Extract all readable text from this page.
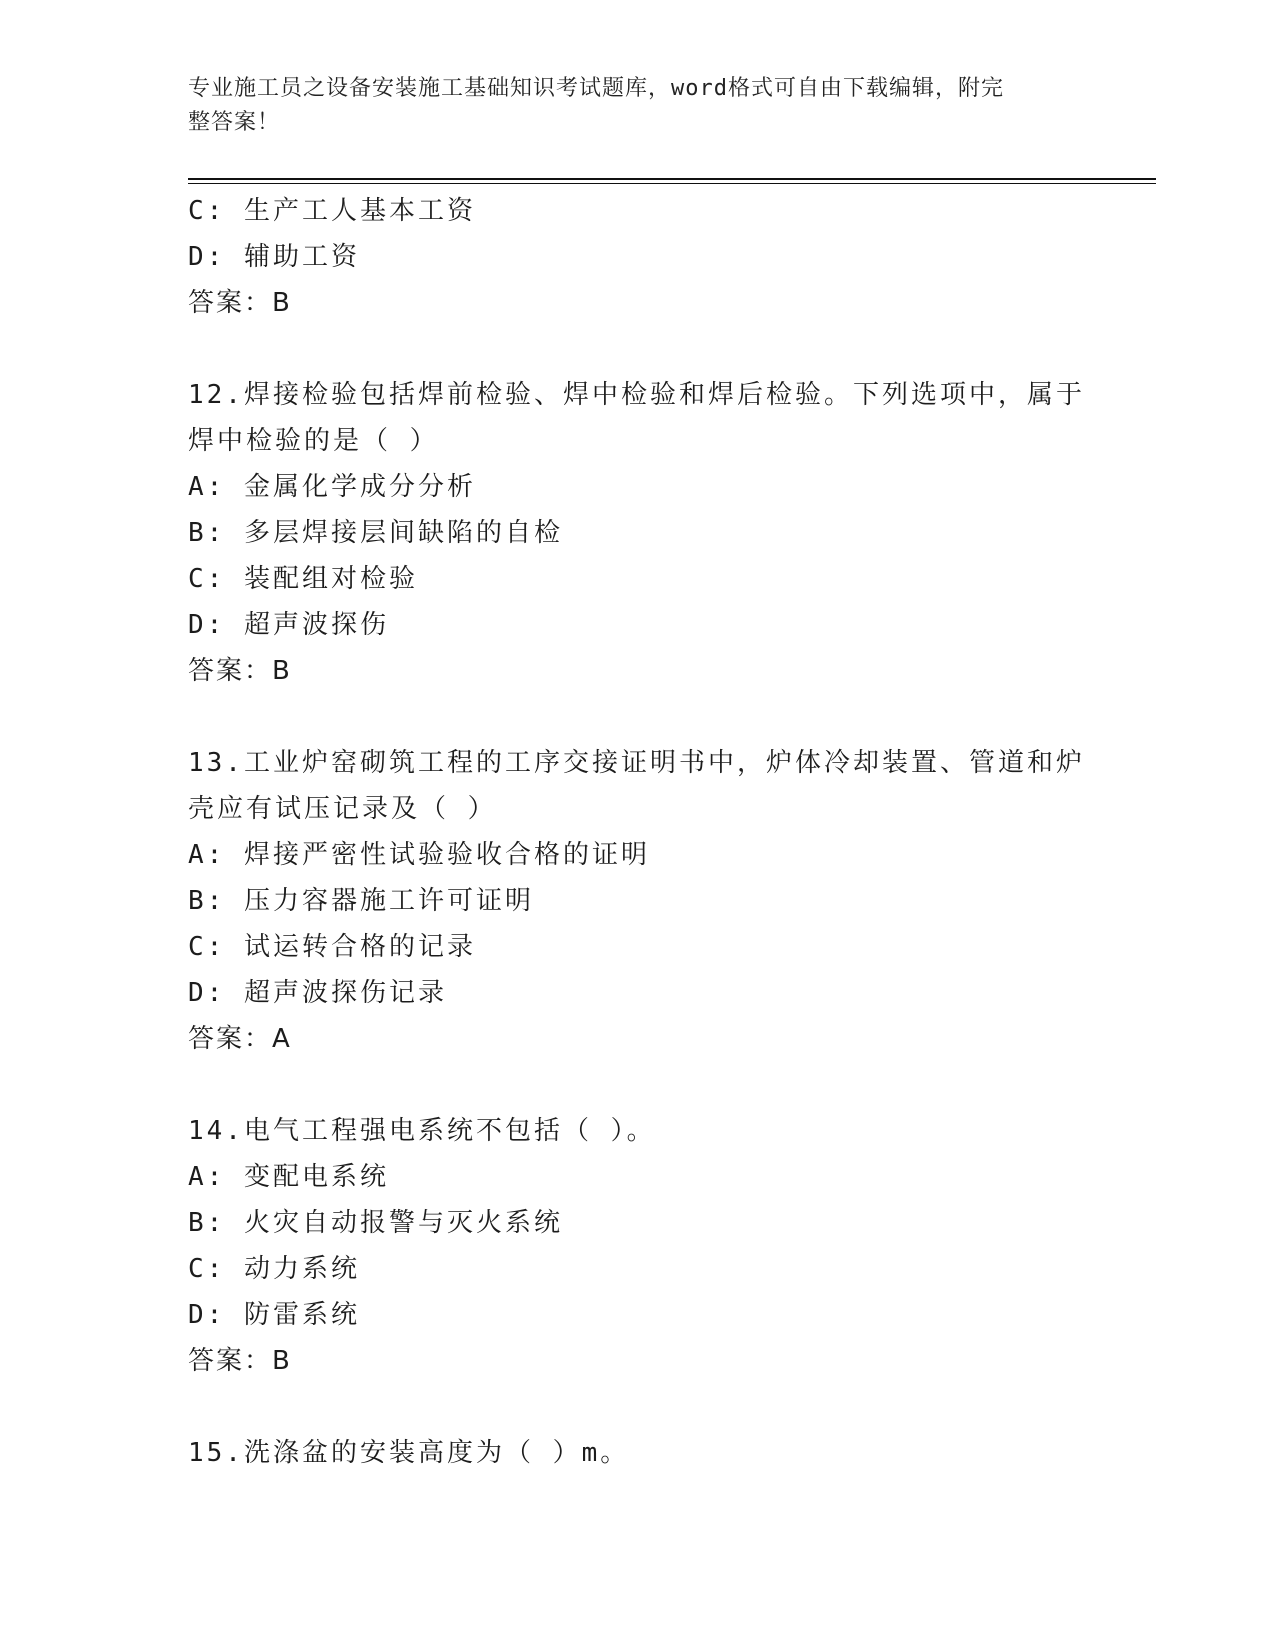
专业施工员之设备安装施工基础知识考试题库，word格式可自由下载编辑，附完
整答案！
C: 生产工人基本工资
D: 辅助工资
答案：B
12.焊接检验包括焊前检验、焊中检验和焊后检验。下列选项中，属于
焊中检验的是（ ）
A: 金属化学成分分析
B: 多层焊接层间缺陷的自检
C: 装配组对检验
D: 超声波探伤
答案：B
13.工业炉窑砌筑工程的工序交接证明书中，炉体冷却装置、管道和炉
壳应有试压记录及（ ）
A: 焊接严密性试验验收合格的证明
B: 压力容器施工许可证明
C: 试运转合格的记录
D: 超声波探伤记录
答案：A
14.电气工程强电系统不包括（ ）。
A: 变配电系统
B: 火灾自动报警与灭火系统
C: 动力系统
D: 防雷系统
答案：B
15.洗涤盆的安装高度为（ ）m。
